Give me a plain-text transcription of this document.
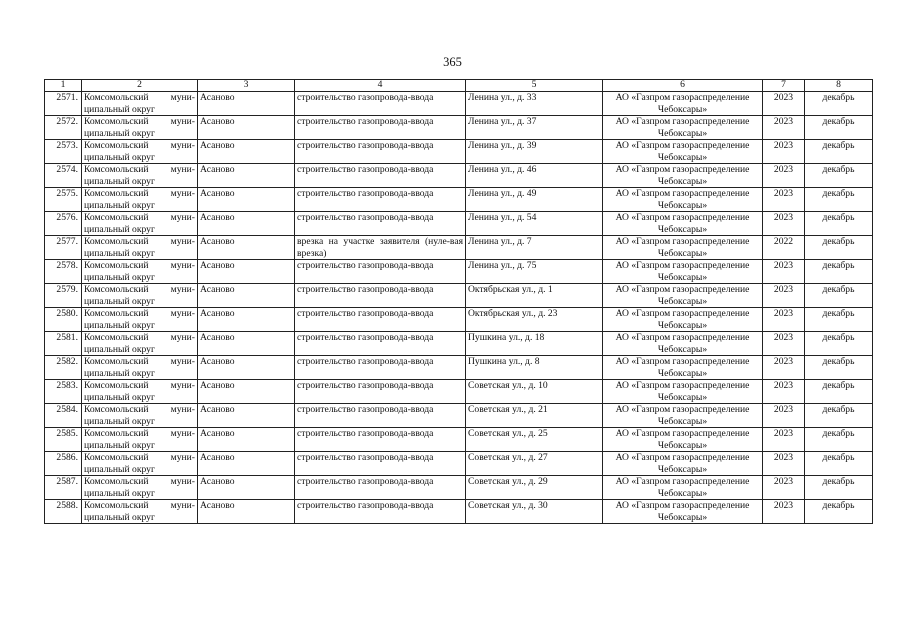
365
1	2	3	4	5	6	7	8
2571.	Комсомольский муни-ципальный округ	Асаново	строительство газопровода-ввода	Ленина ул., д. 33	АО «Газпром газораспределение Чебоксары»	2023	декабрь
2572.	Комсомольский муни-ципальный округ	Асаново	строительство газопровода-ввода	Ленина ул., д. 37	АО «Газпром газораспределение Чебоксары»	2023	декабрь
2573.	Комсомольский муни-ципальный округ	Асаново	строительство газопровода-ввода	Ленина ул., д. 39	АО «Газпром газораспределение Чебоксары»	2023	декабрь
2574.	Комсомольский муни-ципальный округ	Асаново	строительство газопровода-ввода	Ленина ул., д. 46	АО «Газпром газораспределение Чебоксары»	2023	декабрь
2575.	Комсомольский муни-ципальный округ	Асаново	строительство газопровода-ввода	Ленина ул., д. 49	АО «Газпром газораспределение Чебоксары»	2023	декабрь
2576.	Комсомольский муни-ципальный округ	Асаново	строительство газопровода-ввода	Ленина ул., д. 54	АО «Газпром газораспределение Чебоксары»	2023	декабрь
2577.	Комсомольский муни-ципальный округ	Асаново	врезка на участке заявителя (нуле-вая врезка)	Ленина ул., д. 7	АО «Газпром газораспределение Чебоксары»	2022	декабрь
2578.	Комсомольский муни-ципальный округ	Асаново	строительство газопровода-ввода	Ленина ул., д. 75	АО «Газпром газораспределение Чебоксары»	2023	декабрь
2579.	Комсомольский муни-ципальный округ	Асаново	строительство газопровода-ввода	Октябрьская ул., д. 1	АО «Газпром газораспределение Чебоксары»	2023	декабрь
2580.	Комсомольский муни-ципальный округ	Асаново	строительство газопровода-ввода	Октябрьская ул., д. 23	АО «Газпром газораспределение Чебоксары»	2023	декабрь
2581.	Комсомольский муни-ципальный округ	Асаново	строительство газопровода-ввода	Пушкина ул., д. 18	АО «Газпром газораспределение Чебоксары»	2023	декабрь
2582.	Комсомольский муни-ципальный округ	Асаново	строительство газопровода-ввода	Пушкина ул., д. 8	АО «Газпром газораспределение Чебоксары»	2023	декабрь
2583.	Комсомольский муни-ципальный округ	Асаново	строительство газопровода-ввода	Советская ул., д. 10	АО «Газпром газораспределение Чебоксары»	2023	декабрь
2584.	Комсомольский муни-ципальный округ	Асаново	строительство газопровода-ввода	Советская ул., д. 21	АО «Газпром газораспределение Чебоксары»	2023	декабрь
2585.	Комсомольский муни-ципальный округ	Асаново	строительство газопровода-ввода	Советская ул., д. 25	АО «Газпром газораспределение Чебоксары»	2023	декабрь
2586.	Комсомольский муни-ципальный округ	Асаново	строительство газопровода-ввода	Советская ул., д. 27	АО «Газпром газораспределение Чебоксары»	2023	декабрь
2587.	Комсомольский муни-ципальный округ	Асаново	строительство газопровода-ввода	Советская ул., д. 29	АО «Газпром газораспределение Чебоксары»	2023	декабрь
2588.	Комсомольский муни-ципальный округ	Асаново	строительство газопровода-ввода	Советская ул., д. 30	АО «Газпром газораспределение Чебоксары»	2023	декабрь
